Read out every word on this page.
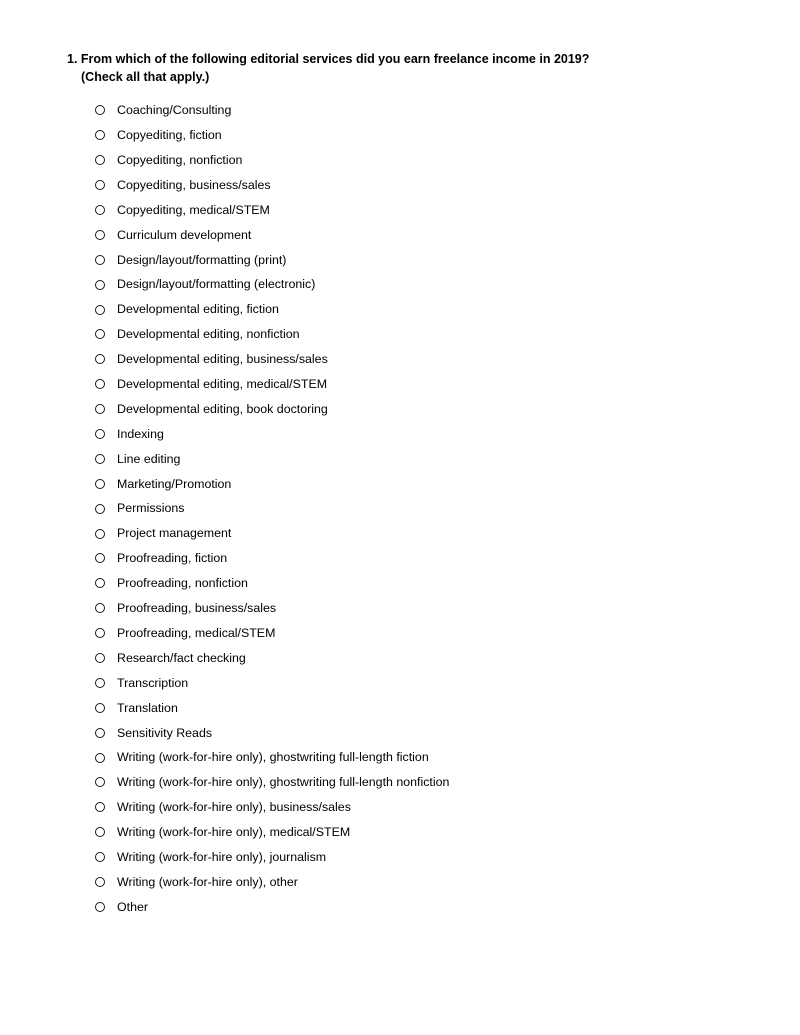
1. From which of the following editorial services did you earn freelance income in 2019?
(Check all that apply.)
Coaching/Consulting
Copyediting, fiction
Copyediting, nonfiction
Copyediting, business/sales
Copyediting, medical/STEM
Curriculum development
Design/layout/formatting (print)
Design/layout/formatting (electronic)
Developmental editing, fiction
Developmental editing, nonfiction
Developmental editing, business/sales
Developmental editing, medical/STEM
Developmental editing, book doctoring
Indexing
Line editing
Marketing/Promotion
Permissions
Project management
Proofreading, fiction
Proofreading, nonfiction
Proofreading, business/sales
Proofreading, medical/STEM
Research/fact checking
Transcription
Translation
Sensitivity Reads
Writing (work-for-hire only), ghostwriting full-length fiction
Writing (work-for-hire only), ghostwriting full-length nonfiction
Writing (work-for-hire only), business/sales
Writing (work-for-hire only), medical/STEM
Writing (work-for-hire only), journalism
Writing (work-for-hire only), other
Other
